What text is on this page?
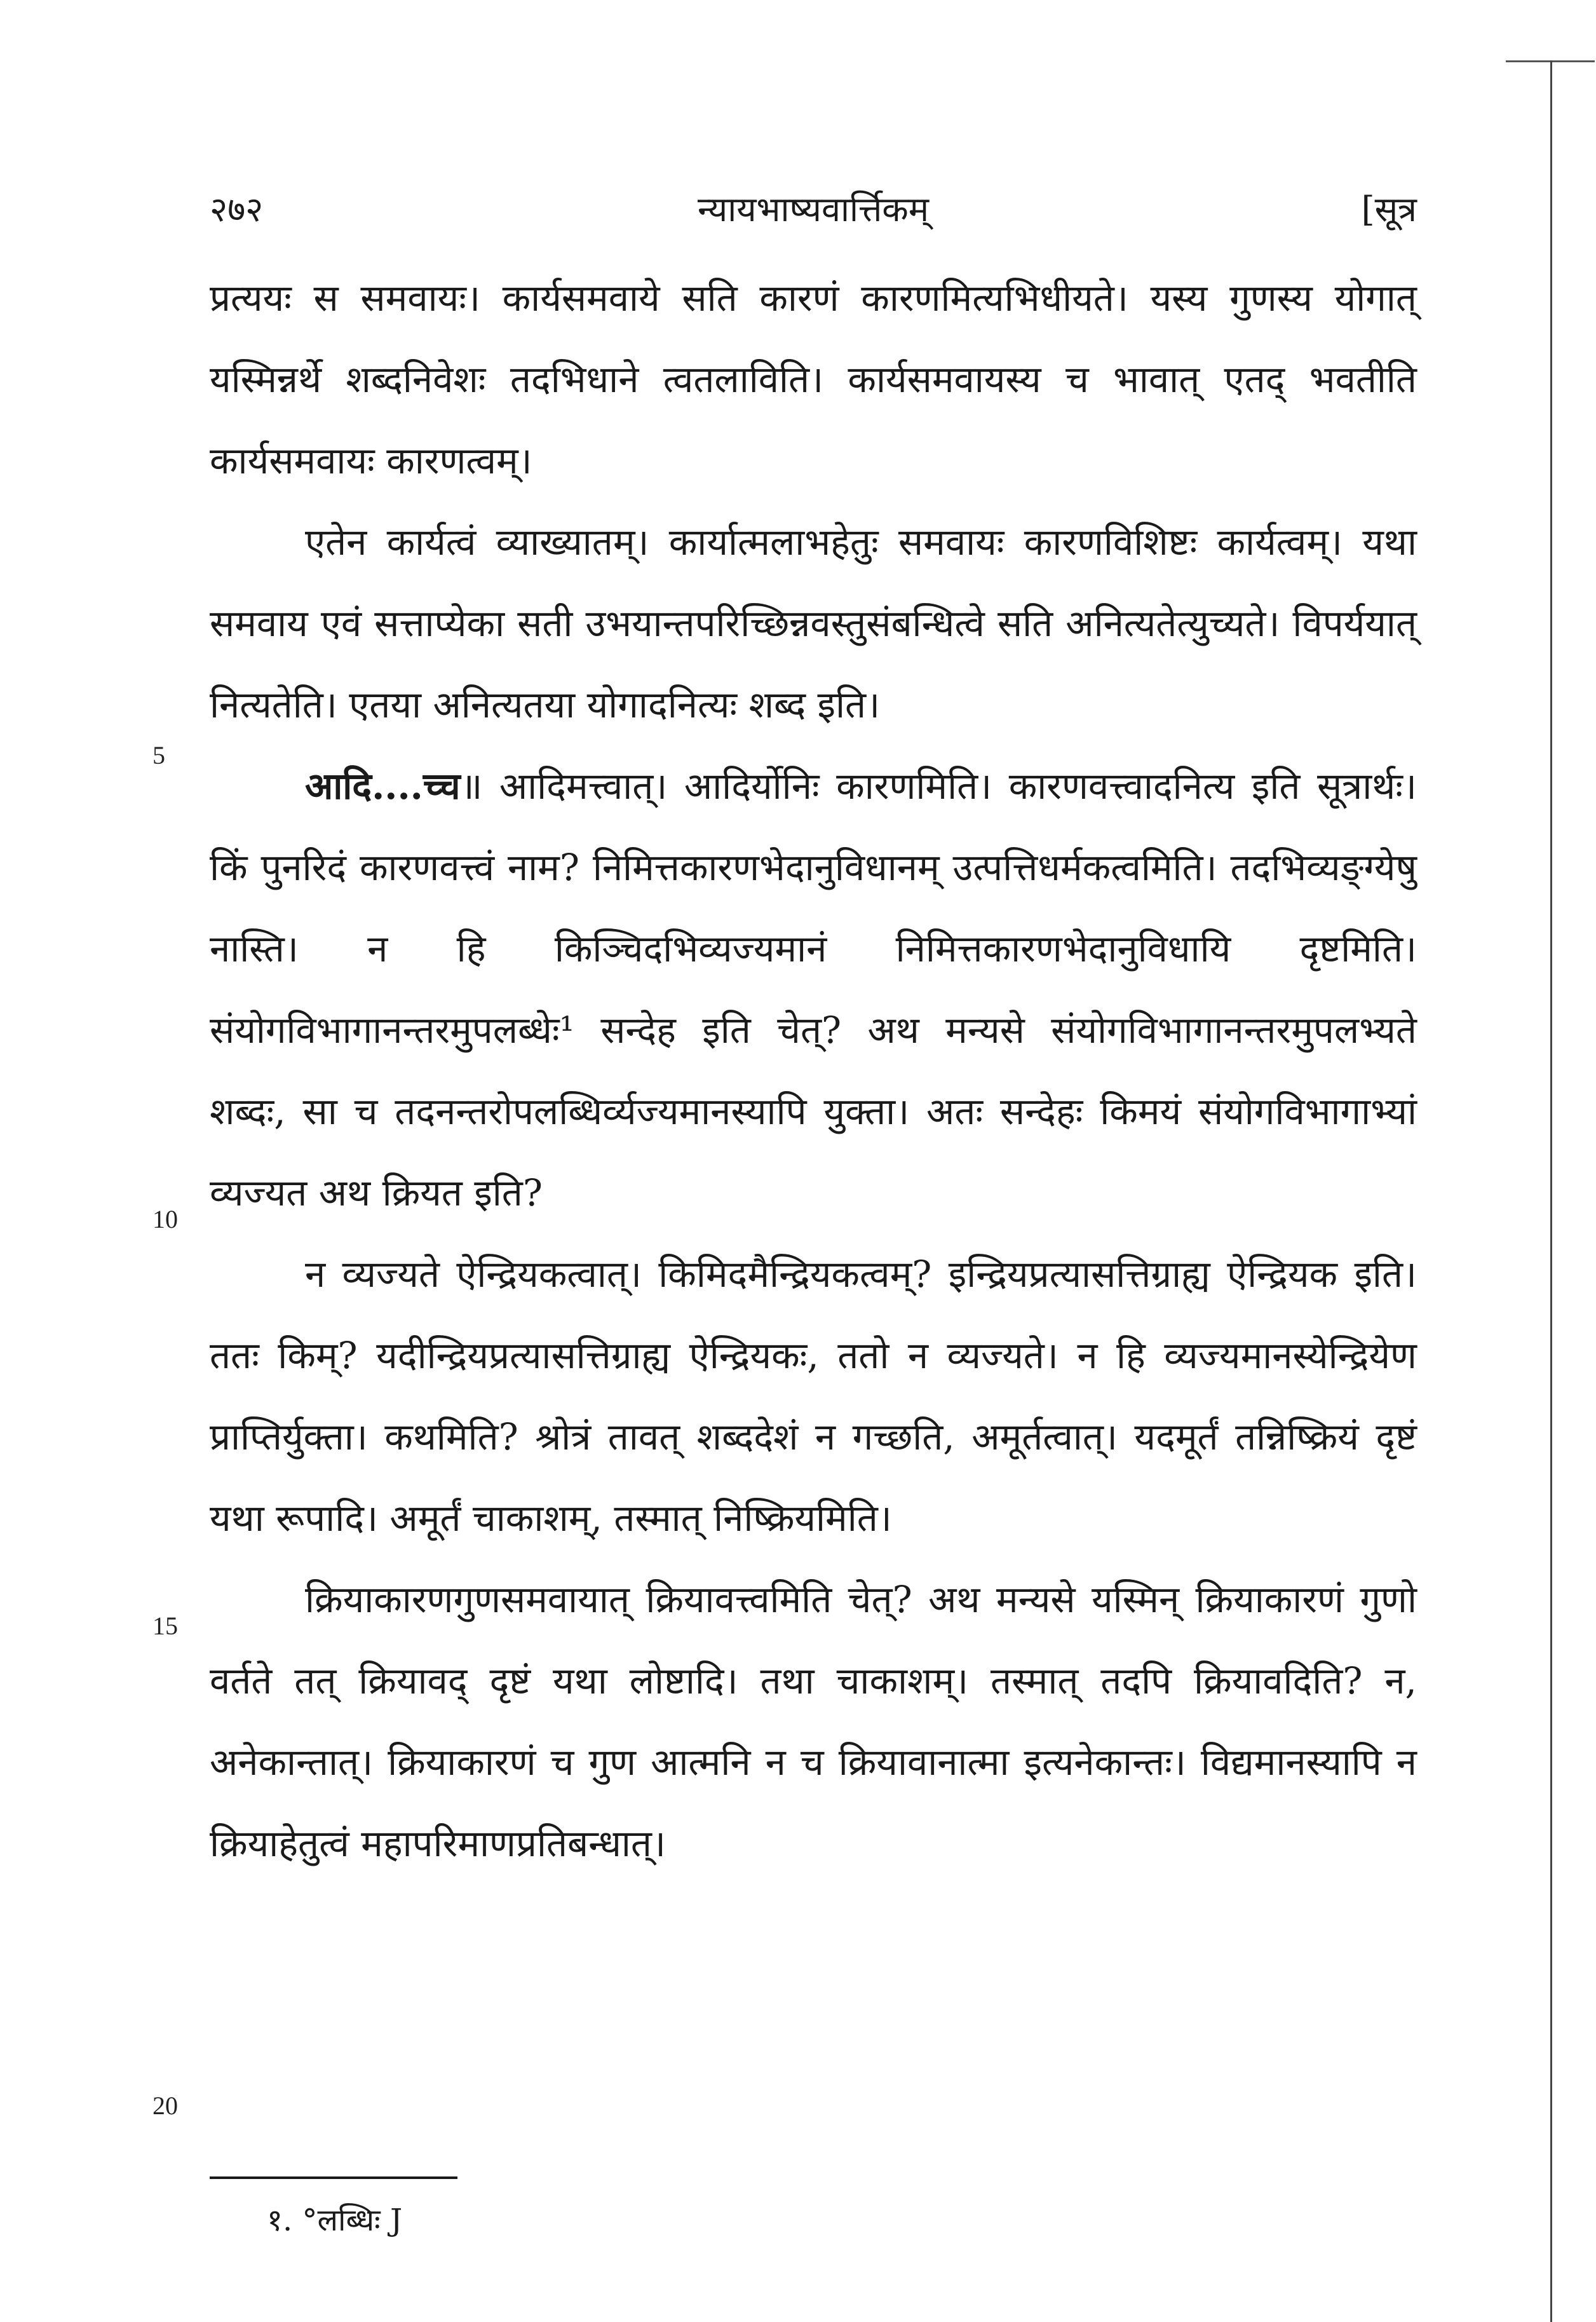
२७२	न्यायभाष्यवार्त्तिकम्	[सूत्र

प्रत्ययः स समवायः। कार्यसमवाये सति कारणं कारणमित्यभिधीयते। यस्य गुणस्य योगात् यस्मिन्नर्थे शब्दनिवेशः तदभिधाने त्वतलाविति। कार्यसमवायस्य च भावात् एतद् भवतीति कार्यसमवायः कारणत्वम्।

एतेन कार्यत्वं व्याख्यातम्। कार्यात्मलाभहेतुः समवायः कारणविशिष्टः कार्यत्वम्। यथा समवाय एवं सत्ताप्येका सती उभयान्तपरिच्छिन्नवस्तुसंबन्धित्वे सति अनित्यतेत्युच्यते। विपर्ययात् नित्यतेति। एतया अनित्यतया योगादनित्यः शब्द इति।

आदि....च्च॥ आदिमत्त्वात्। आदिर्योनिः कारणमिति। कारणवत्त्वादनित्य इति सूत्रार्थः। किं पुनरिदं कारणवत्त्वं नाम? निमित्तकारणभेदानुविधानम् उत्पत्तिधर्मकत्वमिति। तदभिव्यङ्ग्येषु नास्ति। न हि किञ्चिदभिव्यज्यमानं निमित्तकारणभेदानुविधायि दृष्टमिति। संयोगविभागानन्तरमुपलब्धेः¹ सन्देह इति चेत्? अथ मन्यसे संयोगविभागानन्तरमुपलभ्यते शब्दः, सा च तदनन्तरोपलब्धिर्व्यज्यमानस्यापि युक्ता। अतः सन्देहः किमयं संयोगविभागाभ्यां व्यज्यत अथ क्रियत इति?

न व्यज्यते ऐन्द्रियकत्वात्। किमिदमैन्द्रियकत्वम्? इन्द्रियप्रत्यासत्तिग्राह्य ऐन्द्रियक इति। ततः किम्? यदीन्द्रियप्रत्यासत्तिग्राह्य ऐन्द्रियकः, ततो न व्यज्यते। न हि व्यज्यमानस्येन्द्रियेण प्राप्तिर्युक्ता। कथमिति? श्रोत्रं तावत् शब्ददेशं न गच्छति, अमूर्तत्वात्। यदमूर्तं तन्निष्क्रियं दृष्टं यथा रूपादि। अमूर्तं चाकाशम्, तस्मात् निष्क्रियमिति।

क्रियाकारणगुणसमवायात् क्रियावत्त्वमिति चेत्? अथ मन्यसे यस्मिन् क्रियाकारणं गुणो वर्तते तत् क्रियावद् दृष्टं यथा लोष्टादि। तथा चाकाशम्। तस्मात् तदपि क्रियावदिति? न, अनेकान्तात्। क्रियाकारणं च गुण आत्मनि न च क्रियावानात्मा इत्यनेकान्तः। विद्यमानस्यापि न क्रियाहेतुत्वं महापरिमाणप्रतिबन्धात्।

5
10
15
20
१. °लब्धिः J
